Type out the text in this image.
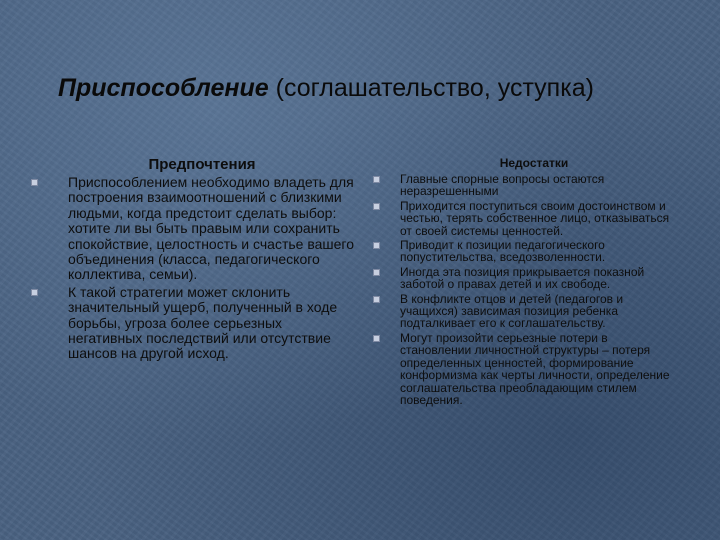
Приспособление (соглашательство, уступка)
Предпочтения
Приспособлением необходимо владеть для построения взаимоотношений с близкими людьми, когда предстоит сделать выбор: хотите ли вы быть правым или сохранить спокойствие, целостность и счастье вашего объединения (класса, педагогического коллектива, семьи).
К такой стратегии может склонить значительный ущерб, полученный в ходе борьбы, угроза более серьезных негативных последствий или отсутствие шансов на другой исход.
Недостатки
Главные спорные вопросы остаются неразрешенными
Приходится поступиться своим достоинством и честью, терять собственное лицо, отказываться от своей системы ценностей.
Приводит к позиции педагогического попустительства, вседозволенности.
Иногда эта позиция прикрывается показной заботой о правах детей и их свободе.
В конфликте отцов и детей (педагогов и учащихся) зависимая позиция ребенка подталкивает его к соглашательству.
Могут произойти серьезные потери в становлении личностной структуры – потеря определенных ценностей, формирование конформизма как черты личности, определение соглашательства преобладающим стилем поведения.
